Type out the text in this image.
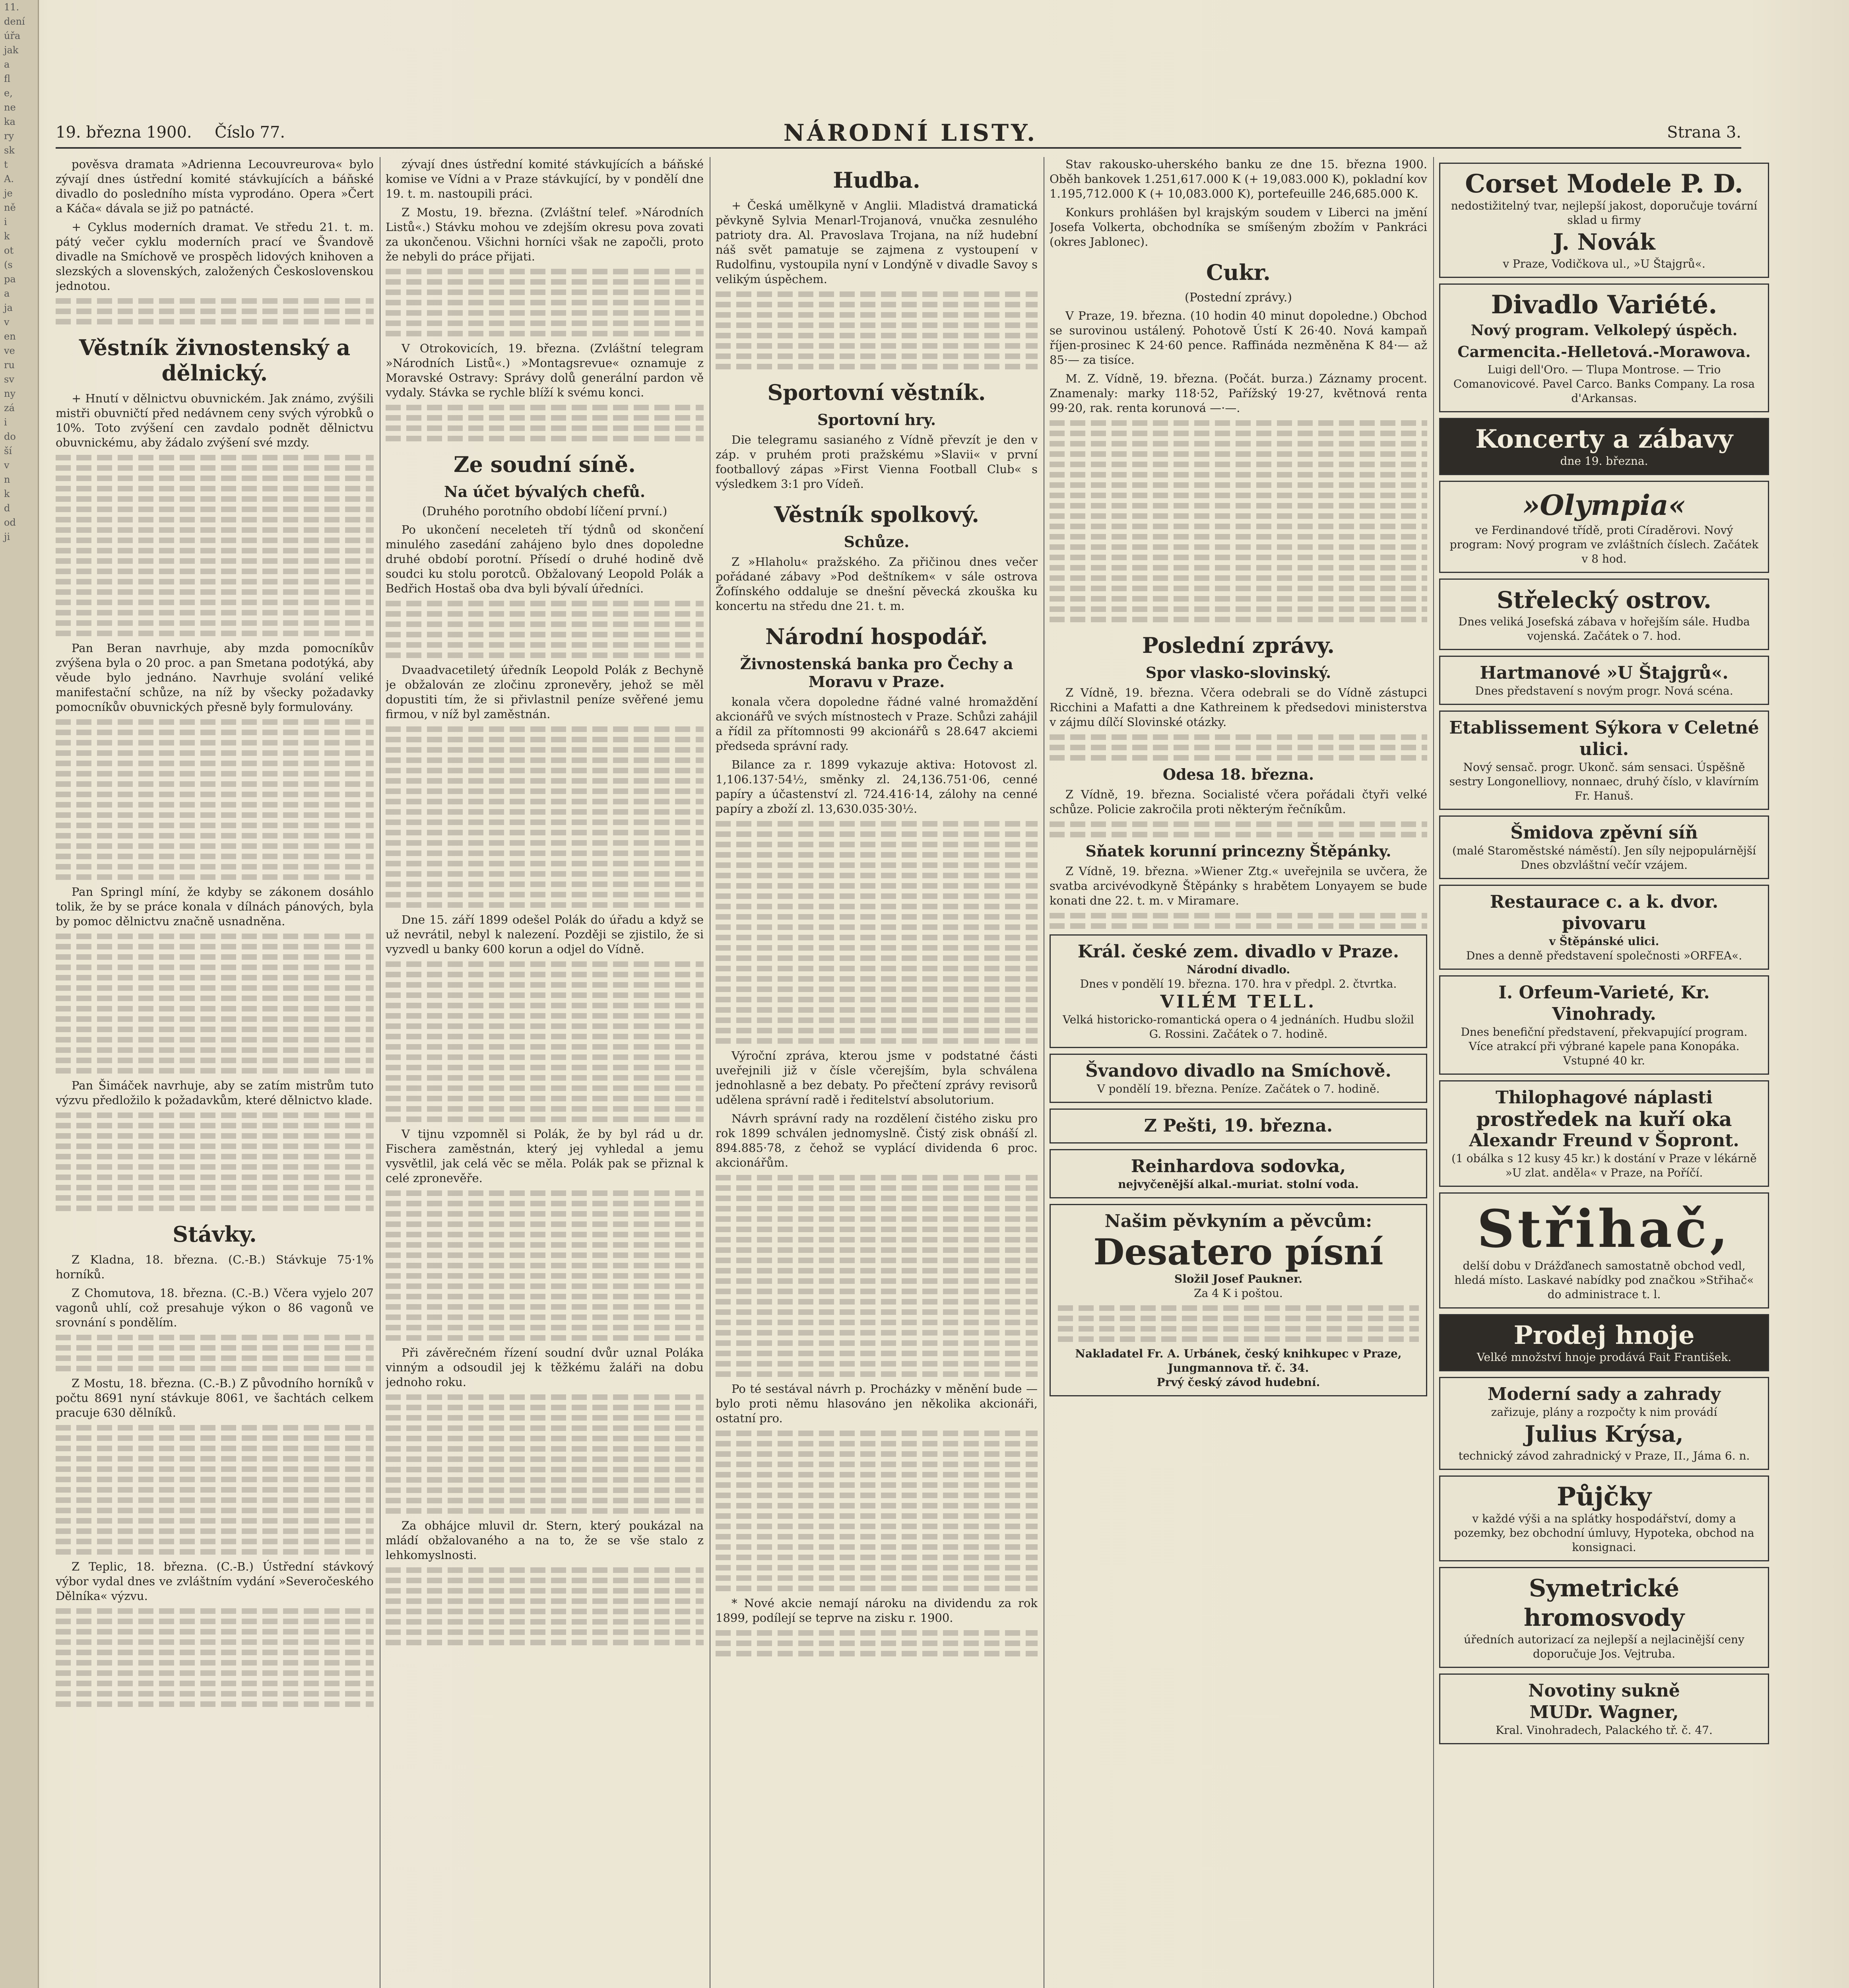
11.
dení
úřa
jak
a
fl
e,
ne
ka
ry
sk
t
A.
je
ně
i
k
ot
(s
pa
a
ja
v
en
ve
ru
sv
ny
zá
i
do
ší
v
n
k
d
od
ji
19. března 1900. Číslo 77.	NÁRODNÍ LISTY.	Strana 3.

pověsva dramata »Adrienna Lecouvreurova« bylo zývají dnes ústřední komité stávkujících a báňské divadlo do posledního místa vyprodáno. Opera »Čert a Káča« dávala se již po patnácté.

+ Cyklus moderních dramat. Ve středu 21. t. m. pátý večer cyklu moderních prací ve Švandově divadle na Smíchově ve prospěch lidových knihoven a slezských a slovenských, založených Československou jednotou.

Věstník živnostenský a dělnický.

+ Hnutí v dělnictvu obuvnickém. Jak známo, zvýšili mistři obuvničtí před nedávnem ceny svých výrobků o 10%. Toto zvýšení cen zavdalo podnět dělnictvu obuvnickému, aby žádalo zvýšení své mzdy.

Pan Beran navrhuje, aby mzda pomocníkův zvýšena byla o 20 proc. a pan Smetana podotýká, aby věude bylo jednáno. Navrhuje svolání veliké manifestační schůze, na níž by všecky požadavky pomocníkův obuvnických přesně byly formulovány.

Pan Springl míní, že kdyby se zákonem dosáhlo tolik, že by se práce konala v dílnách pánových, byla by pomoc dělnictvu značně usnadněna.

Pan Šimáček navrhuje, aby se zatím mistrům tuto výzvu předložilo k požadavkům, které dělnictvo klade.

Stávky.

Z Kladna, 18. března. (C.-B.) Stávkuje 75·1% horníků.

Z Chomutova, 18. března. (C.-B.) Včera vyjelo 207 vagonů uhlí, což presahuje výkon o 86 vagonů ve srovnání s pondělím.

Z Mostu, 18. března. (C.-B.) Z původního horníků v počtu 8691 nyní stávkuje 8061, ve šachtách celkem pracuje 630 dělníků.

Z Teplic, 18. března. (C.-B.) Ústřední stávkový výbor vydal dnes ve zvláštním vydání »Severočeského Dělníka« výzvu.

zývají dnes ústřední komité stávkujících a báňské komise ve Vídni a v Praze stávkující, by v pondělí dne 19. t. m. nastoupili práci.

Z Mostu, 19. března. (Zvláštní telef. »Národních Listů«.) Stávku mohou ve zdejším okresu pova zovati za ukončenou. Všichni horníci však ne započli, proto že nebyli do práce přijati.

V Otrokovicích, 19. března. (Zvláštní telegram »Národních Listů«.) »Montagsrevue« oznamuje z Moravské Ostravy: Správy dolů generální pardon vě vydaly. Stávka se rychle blíží k svému konci.

Ze soudní síně.
Na účet bývalých chefů.
(Druhého porotního období líčení první.)

Po ukončení neceleteh tří týdnů od skončení minulého zasedání zahájeno bylo dnes dopoledne druhé období porotní. Přísedí o druhé hodině dvě soudci ku stolu porotců. Obžalovaný Leopold Polák a Bedřich Hostaš oba dva byli bývalí úředníci.

Dvaadvacetiletý úředník Leopold Polák z Bechyně je obžalován ze zločinu zpronevěry, jehož se měl dopustiti tím, že si přivlastnil peníze svěřené jemu firmou, v níž byl zaměstnán.

Dne 15. září 1899 odešel Polák do úřadu a když se už nevrátil, nebyl k nalezení. Později se zjistilo, že si vyzvedl u banky 600 korun a odjel do Vídně.

V tijnu vzpomněl si Polák, že by byl rád u dr. Fischera zaměstnán, který jej vyhledal a jemu vysvětlil, jak celá věc se měla. Polák pak se přiznal k celé zpronevěře.

Při závěrečném řízení soudní dvůr uznal Poláka vinným a odsoudil jej k těžkému žaláři na dobu jednoho roku.

Za obhájce mluvil dr. Stern, který poukázal na mládí obžalovaného a na to, že se vše stalo z lehkomyslnosti.

Hudba.

+ Česká umělkyně v Anglii. Mladistvá dramatická pěvkyně Sylvia Menarl-Trojanová, vnučka zesnulého patrioty dra. Al. Pravoslava Trojana, na níž hudební náš svět pamatuje se zajmena z vystoupení v Rudolfinu, vystoupila nyní v Londýně v divadle Savoy s velikým úspěchem.

Sportovní věstník.
Sportovní hry.

Die telegramu sasianého z Vídně převzít je den v záp. v pruhém proti pražskému »Slavii« v první footballový zápas »First Vienna Football Club« s výsledkem 3:1 pro Vídeň.

Věstník spolkový.
Schůze.

Z »Hlaholu« pražského. Za přičinou dnes večer pořádané zábavy »Pod deštníkem« v sále ostrova Žofínského oddaluje se dnešní pěvecká zkouška ku koncertu na středu dne 21. t. m.

Národní hospodář.
Živnostenská banka pro Čechy a Moravu v Praze.

konala včera dopoledne řádné valné hromaždění akcionářů ve svých místnostech v Praze. Schůzi zahájil a řídil za přítomnosti 99 akcionářů s 28.647 akciemi předseda správní rady.

Bilance za r. 1899 vykazuje aktiva: Hotovost zl. 1,106.137·54½, směnky zl. 24,136.751·06, cenné papíry a účastenství zl. 724.416·14, zálohy na cenné papíry a zboží zl. 13,630.035·30½.

Výroční zpráva, kterou jsme v podstatné části uveřejnili již v čísle včerejším, byla schválena jednohlasně a bez debaty. Po přečtení zprávy revisorů udělena správní radě i ředitelství absolutorium.

Návrh správní rady na rozdělení čistého zisku pro rok 1899 schválen jednomyslně. Čistý zisk obnáší zl. 894.885·78, z čehož se vyplácí dividenda 6 proc. akcionářům.

Po té sestával návrh p. Procházky v měnění bude — bylo proti němu hlasováno jen několika akcionáři, ostatní pro.

* Nové akcie nemají nároku na dividendu za rok 1899, podílejí se teprve na zisku r. 1900.

Stav rakousko-uherského banku ze dne 15. března 1900. Oběh bankovek 1.251,617.000 K (+ 19,083.000 K), pokladní kov 1.195,712.000 K (+ 10,083.000 K), portefeuille 246,685.000 K.

Konkurs prohlášen byl krajským soudem v Liberci na jmění Josefa Volkerta, obchodníka se smíšeným zbožím v Pankráci (okres Jablonec).

Cukr.
(Postední zprávy.)

V Praze, 19. března. (10 hodin 40 minut dopoledne.) Obchod se surovinou ustálený. Pohotově Ústí K 26·40. Nová kampaň říjen-prosinec K 24·60 pence. Raffináda nezměněna K 84·— až 85·— za tisíce.

M. Z. Vídně, 19. března. (Počát. burza.) Záznamy procent. Znamenaly: marky 118·52, Pařížský 19·27, květnová renta 99·20, rak. renta korunová —·—.

Poslední zprávy.
Spor vlasko-slovinský.

Z Vídně, 19. března. Včera odebrali se do Vídně zástupci Ricchini a Mafatti a dne Kathreinem k předsedovi ministerstva v zájmu dílčí Slovinské otázky.

Odesa 18. března.

Z Vídně, 19. března. Socialisté včera pořádali čtyři velké schůze. Policie zakročila proti některým řečníkům.

Sňatek korunní princezny Štěpánky.

Z Vídně, 19. března. »Wiener Ztg.« uveřejnila se uvčera, že svatba arcivévodkyně Štěpánky s hrabětem Lonyayem se bude konati dne 22. t. m. v Miramare.

Král. české zem. divadlo v Praze.
Národní divadlo.
Dnes v pondělí 19. března. 170. hra v předpl. 2. čtvrtka.
VILÉM TELL.
Velká historicko-romantická opera o 4 jednáních. Hudbu složil G. Rossini. Začátek o 7. hodině.
Švandovo divadlo na Smíchově.
V pondělí 19. března. Peníze. Začátek o 7. hodině.
Z Pešti, 19. března.
Reinhardova sodovka,
nejvyčenější alkal.-muriat. stolní voda.
Našim pěvkyním a pěvcům:
Desatero písní
Složil Josef Paukner.
Za 4 K i poštou.
Nakladatel Fr. A. Urbánek, český knihkupec v Praze, Jungmannova tř. č. 34.
Prvý český závod hudební.
Corset Modele P. D.
nedostižitelný tvar, nejlepší jakost, doporučuje tovární sklad u firmy
J. Novák
v Praze, Vodičkova ul., »U Štajgrů«.
Divadlo Variété.
Nový program. Velkolepý úspěch.
Carmencita.-Helletová.-Morawova.
Luigi dell'Oro. — Tlupa Montrose. — Trio Comanovicové. Pavel Carco. Banks Company. La rosa d'Arkansas.
Koncerty a zábavy
dne 19. března.
»Olympia«
ve Ferdinandové třídě, proti Círaděrovi. Nový program: Nový program ve zvláštních číslech. Začátek v 8 hod.
Střelecký ostrov.
Dnes veliká Josefská zábava v hořejším sále. Hudba vojenská. Začátek o 7. hod.
Hartmanové »U Štajgrů«.
Dnes představení s novým progr. Nová scéna.
Etablissement Sýkora v Celetné ulici.
Nový sensač. progr. Ukonč. sám sensaci. Úspěšně sestry Longonelliovy, nonnaec, druhý číslo, v klavírním Fr. Hanuš.
Šmidova zpěvní síň
(malé Staroměstské náměstí). Jen síly nejpopulárnější Dnes obzvláštní večír vzájem.
Restaurace c. a k. dvor. pivovaru
v Štěpánské ulici.
Dnes a denně představení společnosti »ORFEA«.
I. Orfeum-Varieté, Kr. Vinohrady.
Dnes benefiční představení, překvapující program. Více atrakcí při výbrané kapele pana Konopáka. Vstupné 40 kr.
Thilophagové náplasti
prostředek na kuří oka
Alexandr Freund v Šopront.
(1 obálka s 12 kusy 45 kr.) k dostání v Praze v lékárně »U zlat. anděla« v Praze, na Poříčí.
Střihač,
delší dobu v Drážďanech samostatně obchod vedl, hledá místo. Laskavé nabídky pod značkou »Střihač« do administrace t. l.
Prodej hnoje
Velké množství hnoje prodává Fait František.
Moderní sady a zahrady
zařizuje, plány a rozpočty k nim provádí
Julius Krýsa,
technický závod zahradnický v Praze, II., Jáma 6. n.
Půjčky
v každé výši a na splátky hospodářství, domy a pozemky, bez obchodní úmluvy, Hypoteka, obchod na konsignaci.
Symetrické hromosvody
úředních autorizací za nejlepší a nejlacinější ceny doporučuje Jos. Vejtruba.
Novotiny sukně
MUDr. Wagner,
Kral. Vinohradech, Palackého tř. č. 47.
